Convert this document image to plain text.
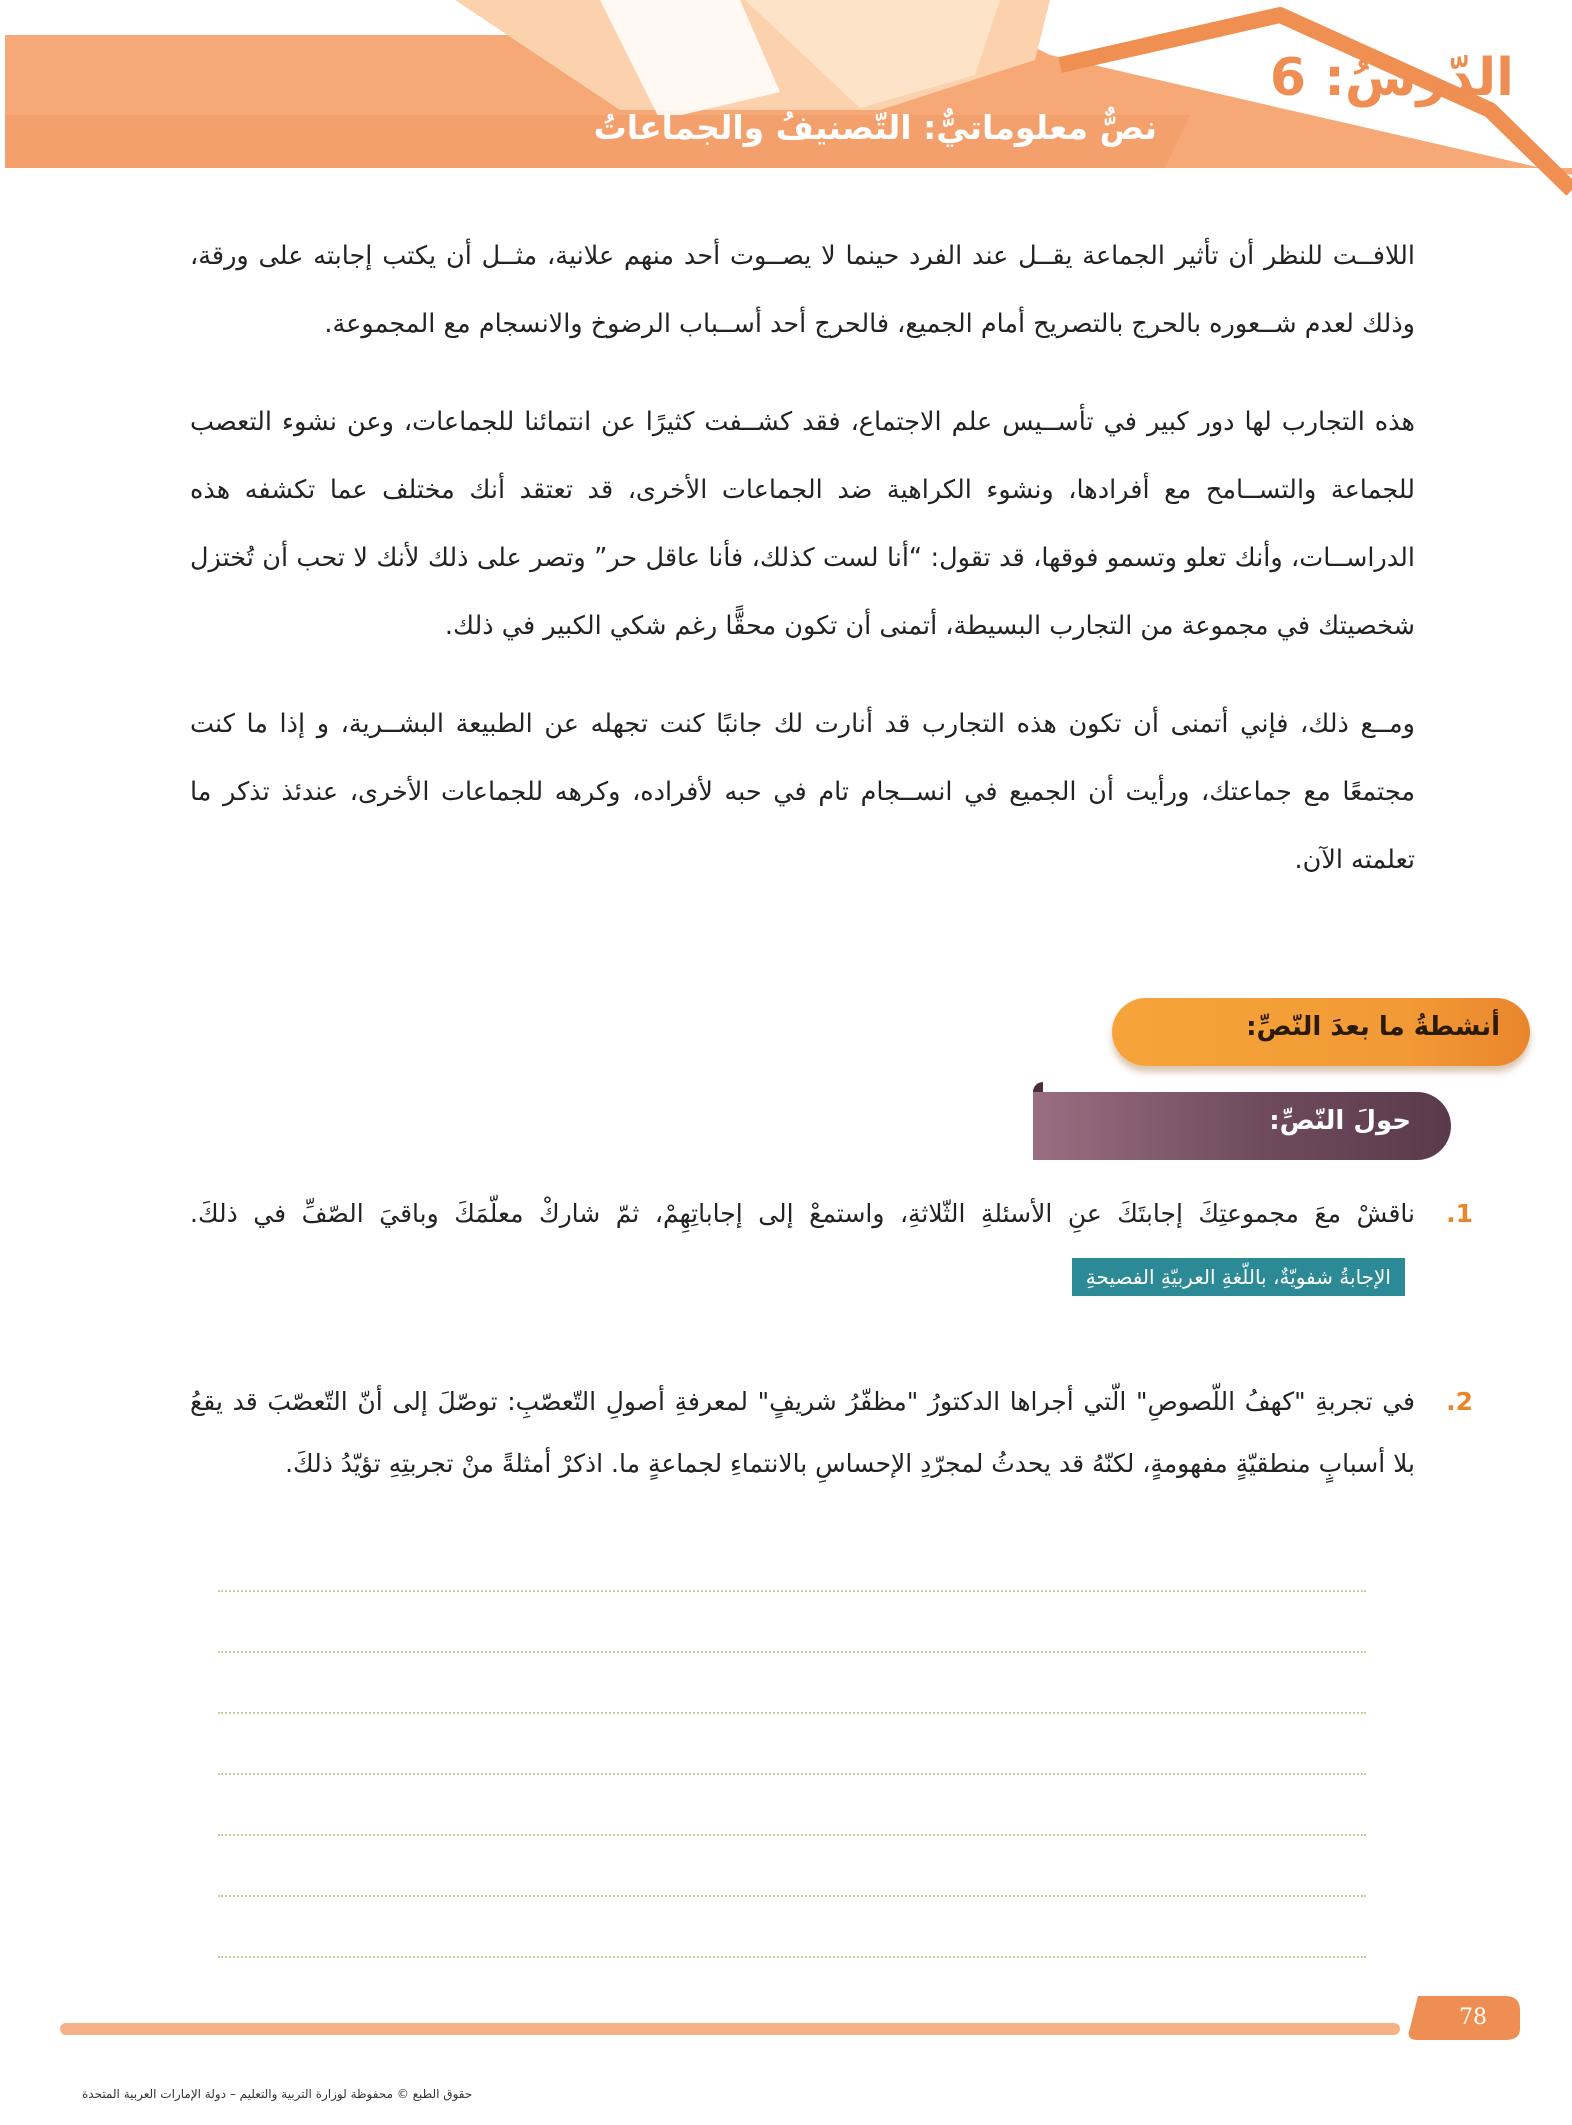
الدّرسُ: 6
نصٌّ معلوماتيٌّ: التّصنيفُ والجماعاتُ

اللافــت للنظر أن تأثير الجماعة يقــل عند الفرد حينما لا يصــوت أحد منهم علانية، مثــل أن يكتب إجابته على ورقة، وذلك لعدم شــعوره بالحرج بالتصريح أمام الجميع، فالحرج أحد أســباب الرضوخ والانسجام مع المجموعة.

هذه التجارب لها دور كبير في تأســيس علم الاجتماع، فقد كشــفت كثيرًا عن انتمائنا للجماعات، وعن نشوء التعصب للجماعة والتســامح مع أفرادها، ونشوء الكراهية ضد الجماعات الأخرى، قد تعتقد أنك مختلف عما تكشفه هذه الدراســات، وأنك تعلو وتسمو فوقها، قد تقول: “أنا لست كذلك، فأنا عاقل حر” وتصر على ذلك لأنك لا تحب أن تُختزل شخصيتك في مجموعة من التجارب البسيطة، أتمنى أن تكون محقًّا رغم شكي الكبير في ذلك.

ومــع ذلك، فإني أتمنى أن تكون هذه التجارب قد أنارت لك جانبًا كنت تجهله عن الطبيعة البشــرية، و إذا ما كنت مجتمعًا مع جماعتك، ورأيت أن الجميع في انســجام تام في حبه لأفراده، وكرهه للجماعات الأخرى، عندئذ تذكر ما تعلمته الآن.

أنشطةُ ما بعدَ النّصِّ:
حولَ النّصِّ:
1.

ناقشْ معَ مجموعتِكَ إجابتَكَ عنِ الأسئلةِ الثّلاثةِ، واستمعْ إلى إجاباتِهِمْ، ثمّ شاركْ معلّمَكَ وباقيَ الصّفِّ في ذلكَ. الإجابةُ شفويّةٌ، باللّغةِ العربيّةِ الفصيحةِ

2.

في تجربةِ "كهفُ اللّصوصِ" الّتي أجراها الدكتورُ "مظفّرُ شريفٍ" لمعرفةِ أصولِ التّعصّبِ: توصّلَ إلى أنّ التّعصّبَ قد يقعُ بلا أسبابٍ منطقيّةٍ مفهومةٍ، لكنّهُ قد يحدثُ لمجرّدِ الإحساسِ بالانتماءِ لجماعةٍ ما. اذكرْ أمثلةً منْ تجربتِهِ تؤيّدُ ذلكَ.

78
حقوق الطبع © محفوظة لوزارة التربية والتعليم – دولة الإمارات العربية المتحدة
